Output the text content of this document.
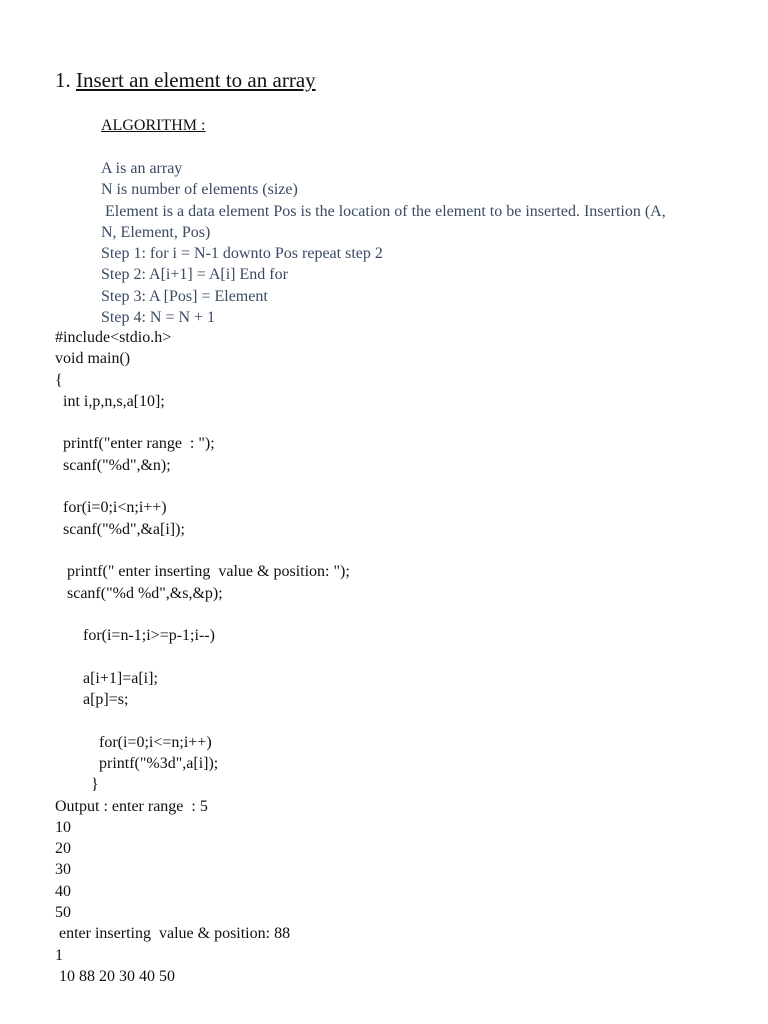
1. Insert an element to an array
ALGORITHM :
A is an array
N is number of elements (size)
Element is a data element Pos is the location of the element to be inserted. Insertion (A,
N, Element, Pos)
Step 1: for i = N-1 downto Pos repeat step 2
Step 2: A[i+1] = A[i] End for
Step 3: A [Pos] = Element
Step 4: N = N + 1
#include<stdio.h>
void main()
{
int i,p,n,s,a[10];
printf("enter range  : ");
scanf("%d",&n);
for(i=0;i<n;i++)
scanf("%d",&a[i]);
printf(" enter inserting  value & position: ");
scanf("%d %d",&s,&p);
for(i=n-1;i>=p-1;i--)
a[i+1]=a[i];
a[p]=s;
for(i=0;i<=n;i++)
printf("%3d",a[i]);
}
Output : enter range  : 5
10
20
30
40
50
enter inserting  value & position: 88
1
10 88 20 30 40 50
